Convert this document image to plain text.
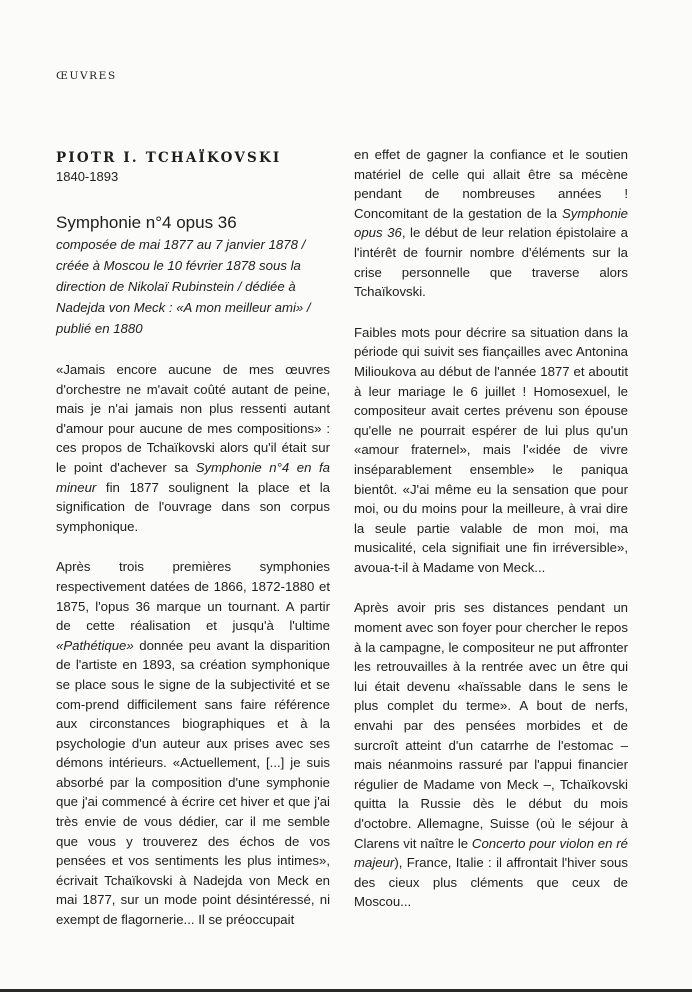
ŒUVRES
PIOTR I. TCHAÏKOVSKI
1840-1893
Symphonie n°4 opus 36

composée de mai 1877 au 7 janvier 1878 / créée à Moscou le 10 février 1878 sous la direction de Nikolaï Rubinstein / dédiée à Nadejda von Meck : «A mon meilleur ami» / publié en 1880

«Jamais encore aucune de mes œuvres d'orchestre ne m'avait coûté autant de peine, mais je n'ai jamais non plus ressenti autant d'amour pour aucune de mes compositions» : ces propos de Tchaïkovski alors qu'il était sur le point d'achever sa Symphonie n°4 en fa mineur fin 1877 soulignent la place et la signification de l'ouvrage dans son corpus symphonique.

Après trois premières symphonies respectivement datées de 1866, 1872-1880 et 1875, l'opus 36 marque un tournant. A partir de cette réalisation et jusqu'à l'ultime «Pathétique» donnée peu avant la disparition de l'artiste en 1893, sa création symphonique se place sous le signe de la subjectivité et se com-prend difficilement sans faire référence aux circonstances biographiques et à la psychologie d'un auteur aux prises avec ses démons intérieurs. «Actuellement, [...] je suis absorbé par la composition d'une symphonie que j'ai commencé à écrire cet hiver et que j'ai très envie de vous dédier, car il me semble que vous y trouverez des échos de vos pensées et vos sentiments les plus intimes», écrivait Tchaïkovski à Nadejda von Meck en mai 1877, sur un mode point désintéressé, ni exempt de flagornerie... Il se préoccupait

en effet de gagner la confiance et le soutien matériel de celle qui allait être sa mécène pendant de nombreuses années ! Concomitant de la gestation de la Symphonie opus 36, le début de leur relation épistolaire a l'intérêt de fournir nombre d'éléments sur la crise personnelle que traverse alors Tchaïkovski.

Faibles mots pour décrire sa situation dans la période qui suivit ses fiançailles avec Antonina Milioukova au début de l'année 1877 et aboutit à leur mariage le 6 juillet ! Homosexuel, le compositeur avait certes prévenu son épouse qu'elle ne pourrait espérer de lui plus qu'un «amour fraternel», mais l'«idée de vivre inséparablement ensemble» le paniqua bientôt. «J'ai même eu la sensation que pour moi, ou du moins pour la meilleure, à vrai dire la seule partie valable de mon moi, ma musicalité, cela signifiait une fin irréversible», avoua-t-il à Madame von Meck...

Après avoir pris ses distances pendant un moment avec son foyer pour chercher le repos à la campagne, le compositeur ne put affronter les retrouvailles à la rentrée avec un être qui lui était devenu «haïssable dans le sens le plus complet du terme». A bout de nerfs, envahi par des pensées morbides et de surcroît atteint d'un catarrhe de l'estomac – mais néanmoins rassuré par l'appui financier régulier de Madame von Meck –, Tchaïkovski quitta la Russie dès le début du mois d'octobre. Allemagne, Suisse (où le séjour à Clarens vit naître le Concerto pour violon en ré majeur), France, Italie : il affrontait l'hiver sous des cieux plus cléments que ceux de Moscou...
